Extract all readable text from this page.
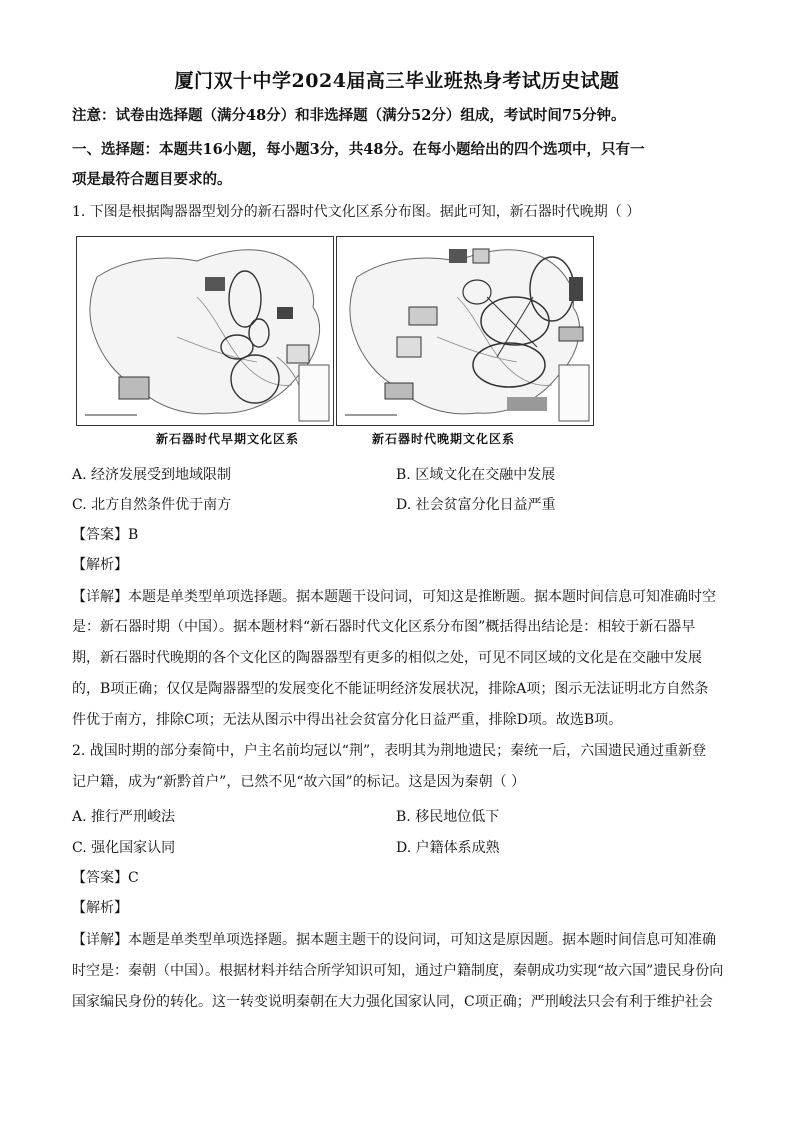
厦门双十中学2024届高三毕业班热身考试历史试题
注意：试卷由选择题（满分48分）和非选择题（满分52分）组成，考试时间75分钟。
一、选择题：本题共16小题，每小题3分，共48分。在每小题给出的四个选项中，只有一
项是最符合题目要求的。
1. 下图是根据陶器器型划分的新石器时代文化区系分布图。据此可知，新石器时代晚期（ ）
新石器时代早期文化区系	新石器时代晚期文化区系
A. 经济发展受到地域限制	B. 区域文化在交融中发展
C. 北方自然条件优于南方	D. 社会贫富分化日益严重
【答案】B
【解析】
【详解】本题是单类型单项选择题。据本题题干设问词，可知这是推断题。据本题时间信息可知准确时空
是：新石器时期（中国）。据本题材料“新石器时代文化区系分布图”概括得出结论是：相较于新石器早
期，新石器时代晚期的各个文化区的陶器器型有更多的相似之处，可见不同区域的文化是在交融中发展
的，B项正确；仅仅是陶器器型的发展变化不能证明经济发展状况，排除A项；图示无法证明北方自然条
件优于南方，排除C项；无法从图示中得出社会贫富分化日益严重，排除D项。故选B项。
2. 战国时期的部分秦简中，户主名前均冠以“荆”，表明其为荆地遗民；秦统一后，六国遗民通过重新登
记户籍，成为“新黔首户”，已然不见“故六国”的标记。这是因为秦朝（ ）
A. 推行严刑峻法	B. 移民地位低下
C. 强化国家认同	D. 户籍体系成熟
【答案】C
【解析】
【详解】本题是单类型单项选择题。据本题主题干的设问词，可知这是原因题。据本题时间信息可知准确
时空是：秦朝（中国）。根据材料并结合所学知识可知，通过户籍制度，秦朝成功实现“故六国”遗民身份向
国家编民身份的转化。这一转变说明秦朝在大力强化国家认同，C项正确；严刑峻法只会有利于维护社会
